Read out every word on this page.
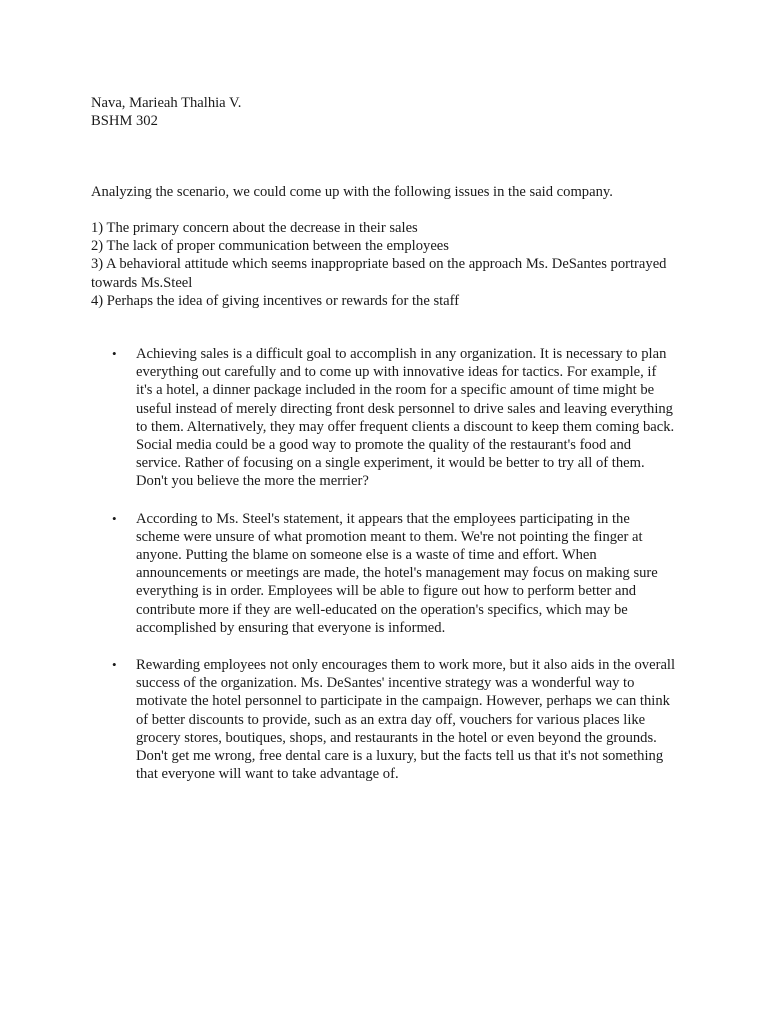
Nava, Marieah Thalhia V.
BSHM 302

Analyzing the scenario, we could come up with the following issues in the said company.

1) The primary concern about the decrease in their sales
2) The lack of proper communication between the employees
3) A behavioral attitude which seems inappropriate based on the approach Ms. DeSantes portrayed towards Ms.Steel
4) Perhaps the idea of giving incentives or rewards for the staff
• Achieving sales is a difficult goal to accomplish in any organization. It is necessary to plan everything out carefully and to come up with innovative ideas for tactics. For example, if it's a hotel, a dinner package included in the room for a specific amount of time might be useful instead of merely directing front desk personnel to drive sales and leaving everything to them. Alternatively, they may offer frequent clients a discount to keep them coming back. Social media could be a good way to promote the quality of the restaurant's food and service. Rather of focusing on a single experiment, it would be better to try all of them. Don't you believe the more the merrier?
• According to Ms. Steel's statement, it appears that the employees participating in the scheme were unsure of what promotion meant to them. We're not pointing the finger at anyone. Putting the blame on someone else is a waste of time and effort. When announcements or meetings are made, the hotel's management may focus on making sure everything is in order. Employees will be able to figure out how to perform better and contribute more if they are well-educated on the operation's specifics, which may be accomplished by ensuring that everyone is informed.
• Rewarding employees not only encourages them to work more, but it also aids in the overall success of the organization. Ms. DeSantes' incentive strategy was a wonderful way to motivate the hotel personnel to participate in the campaign. However, perhaps we can think of better discounts to provide, such as an extra day off, vouchers for various places like grocery stores, boutiques, shops, and restaurants in the hotel or even beyond the grounds. Don't get me wrong, free dental care is a luxury, but the facts tell us that it's not something that everyone will want to take advantage of.
